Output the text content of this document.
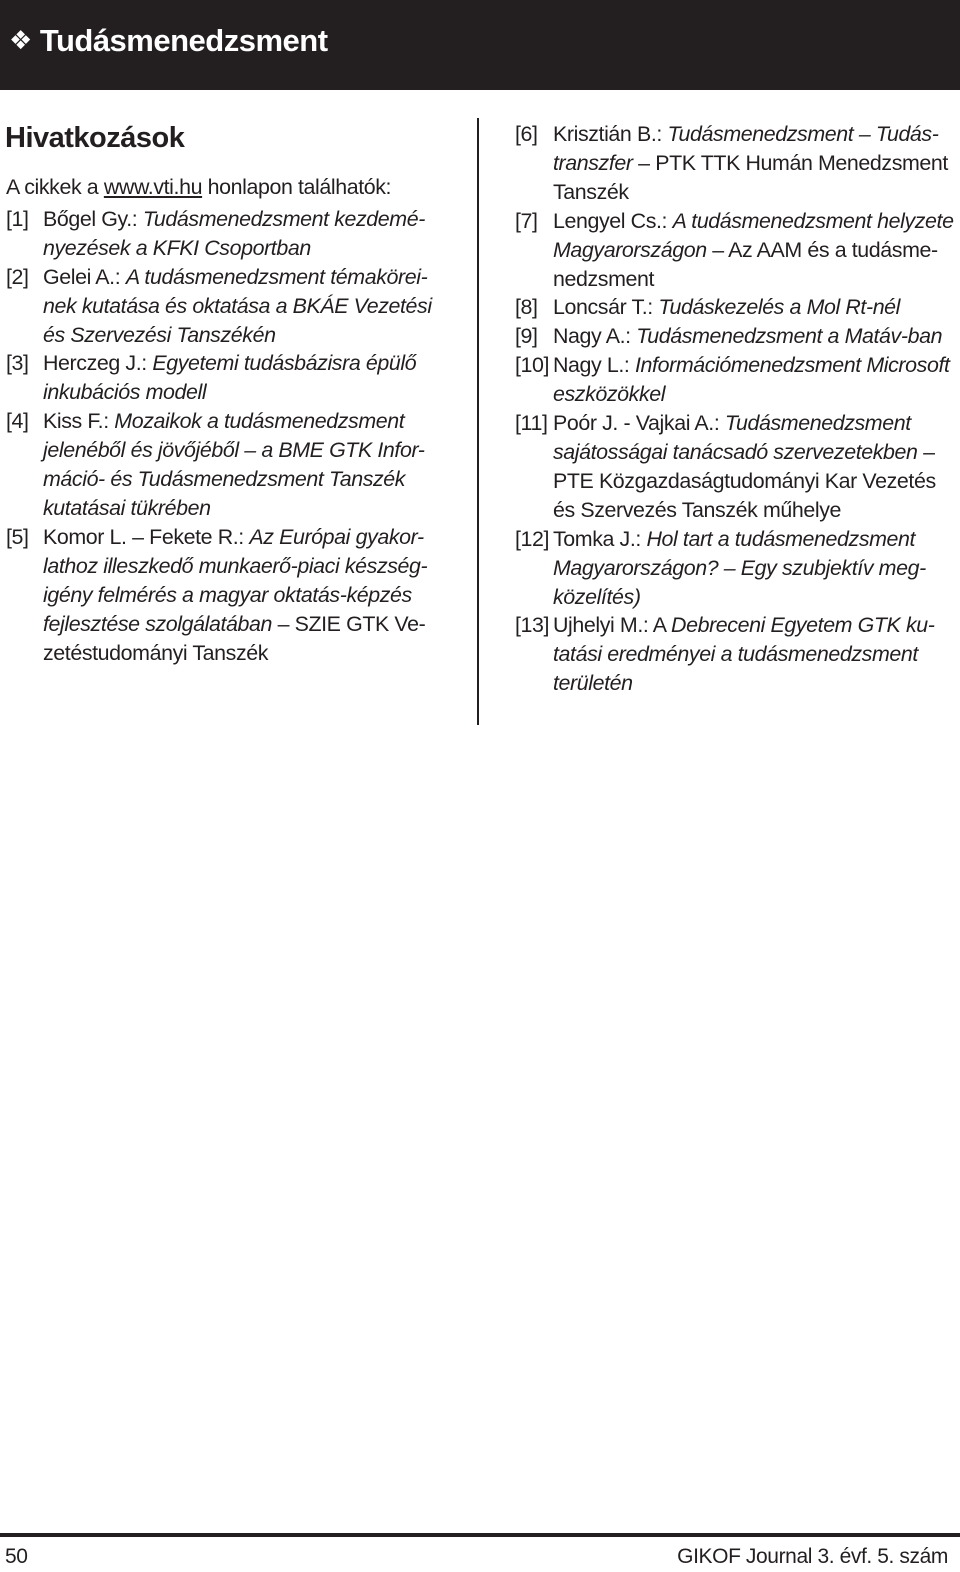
❖ Tudásmenedzsment
Hivatkozások
A cikkek a www.vti.hu honlapon találhatók:
[1] Bőgel Gy.: Tudásmenedzsment kezdemé-
nyezések a KFKI Csoportban
[2] Gelei A.: A tudásmenedzsment témakörei-
nek kutatása és oktatása a BKÁE Vezetési
és Szervezési Tanszékén
[3] Herczeg J.: Egyetemi tudásbázisra épülő
inkubációs modell
[4] Kiss F.: Mozaikok a tudásmenedzsment
jelenéből és jövőjéből – a BME GTK Infor-
máció- és Tudásmenedzsment Tanszék
kutatásai tükrében
[5] Komor L. – Fekete R.: Az Európai gyakor-
lathoz illeszkedő munkaerő-piaci készség-
igény felmérés a magyar oktatás-képzés
fejlesztése szolgálatában – SZIE GTK Ve-
zetéstudományi Tanszék
[6] Krisztián B.: Tudásmenedzsment – Tudás-
transzfer – PTK TTK Humán Menedzsment
Tanszék
[7] Lengyel Cs.: A tudásmenedzsment helyzete
Magyarországon – Az AAM és a tudásme-
nedzsment
[8] Loncsár T.: Tudáskezelés a Mol Rt-nél
[9] Nagy A.: Tudásmenedzsment a Matáv-ban
[10] Nagy L.: Információmenedzsment Microsoft
eszközökkel
[11] Poór J. - Vajkai A.: Tudásmenedzsment
sajátosságai tanácsadó szervezetekben –
PTE Közgazdaságtudományi Kar Vezetés
és Szervezés Tanszék műhelye
[12] Tomka J.: Hol tart a tudásmenedzsment
Magyarországon? – Egy szubjektív meg-
közelítés)
[13] Ujhelyi M.: A Debreceni Egyetem GTK ku-
tatási eredményei a tudásmenedzsment
területén
50	GIKOF Journal 3. évf. 5. szám
